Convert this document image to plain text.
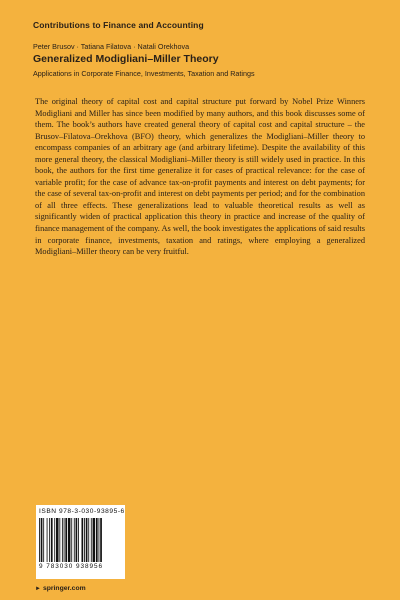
Contributions to Finance and Accounting
Peter Brusov · Tatiana Filatova · Natali Orekhova
Generalized Modigliani–Miller Theory
Applications in Corporate Finance, Investments, Taxation and Ratings
The original theory of capital cost and capital structure put forward by Nobel Prize Winners Modigliani and Miller has since been modified by many authors, and this book discusses some of them. The book’s authors have created general theory of capital cost and capital structure – the Brusov–Filatova–Orekhova (BFO) theory, which generalizes the Modigliani–Miller theory to encompass companies of an arbitrary age (and arbitrary lifetime). Despite the availability of this more general theory, the classical Modigliani–Miller theory is still widely used in practice. In this book, the authors for the first time generalize it for cases of practical relevance: for the case of variable profit; for the case of advance tax-on-profit payments and interest on debt payments; for the case of several tax-on-profit and interest on debt payments per period; and for the combination of all three effects. These generalizations lead to valuable theoretical results as well as significantly widen of practical application this theory in practice and increase of the quality of finance management of the company. As well, the book investigates the applications of said results in corporate finance, investments, taxation and ratings, where employing a generalized Modigliani–Miller theory can be very fruitful.
ISBN 978-3-030-93895-6
9 783030 938956
► springer.com
